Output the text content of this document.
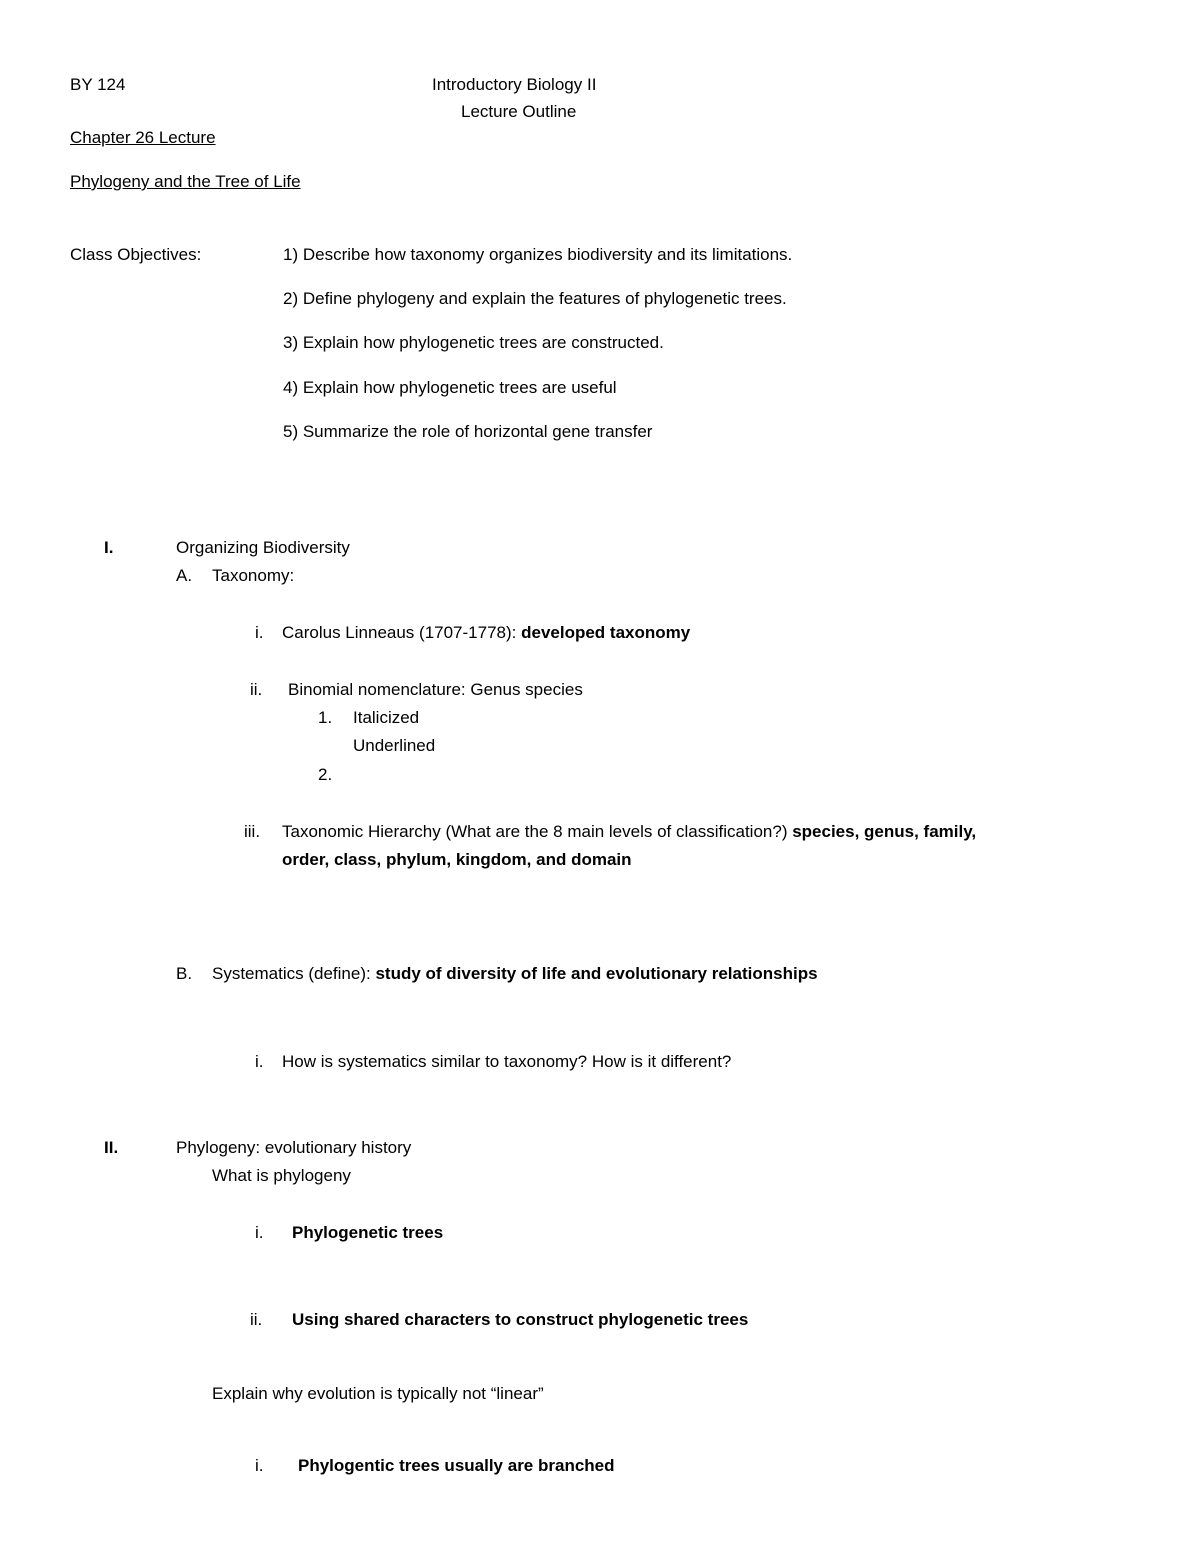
BY 124	Introductory Biology II
Lecture Outline
Chapter 26 Lecture
Phylogeny and the Tree of Life
Class Objectives:	1) Describe how taxonomy organizes biodiversity and its limitations.
2) Define phylogeny and explain the features of phylogenetic trees.
3) Explain how phylogenetic trees are constructed.
4) Explain how phylogenetic trees are useful
5) Summarize the role of horizontal gene transfer
I.	Organizing Biodiversity
A. Taxonomy:
i. Carolus Linneaus (1707-1778): developed taxonomy
ii. Binomial nomenclature: Genus species
1. Italicized
Underlined
2.
iii. Taxonomic Hierarchy (What are the 8 main levels of classification?) species, genus, family,
order, class, phylum, kingdom, and domain
B. Systematics (define): study of diversity of life and evolutionary relationships
i. How is systematics similar to taxonomy? How is it different?
II.	Phylogeny: evolutionary history
What is phylogeny
i. Phylogenetic trees
ii. Using shared characters to construct phylogenetic trees
Explain why evolution is typically not “linear”
i. Phylogentic trees usually are branched
